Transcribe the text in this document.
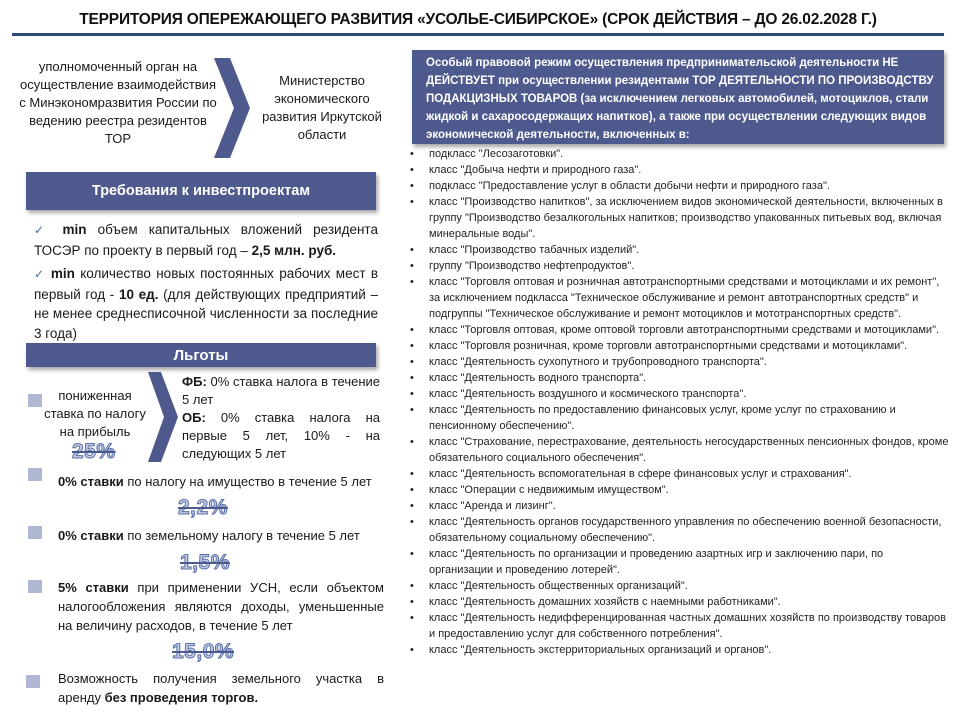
ТЕРРИТОРИЯ ОПЕРЕЖАЮЩЕГО РАЗВИТИЯ «УСОЛЬЕ-СИБИРСКОЕ» (СРОК ДЕЙСТВИЯ – ДО 26.02.2028 Г.)
уполномоченный орган на осуществление взаимодействия с Минэкономразвития России по ведению реестра резидентов ТОР
Министерство экономического развития Иркутской области
Требования к инвестпроектам
✓ min объем капитальных вложений резидента ТОСЭР по проекту в первый год – 2,5 млн. руб.
✓ min количество новых постоянных рабочих мест в первый год - 10 ед. (для действующих предприятий – не менее среднесписочной численности за последние 3 года)
Льготы
пониженная ставка по налогу на прибыль
25%

ФБ: 0% ставка налога в течение 5 лет

ОБ: 0% ставка налога на первые 5 лет, 10% - на следующих 5 лет

0% ставки по налогу на имущество в течение 5 лет
2,2%
0% ставки по земельному налогу в течение 5 лет
1,5%
5% ставки при применении УСН, если объектом налогообложения являются доходы, уменьшенные на величину расходов, в течение 5 лет
15,0%
Возможность получения земельного участка в аренду без проведения торгов.
Особый правовой режим осуществления предпринимательской деятельности НЕ ДЕЙСТВУЕТ при осуществлении резидентами ТОР ДЕЯТЕЛЬНОСТИ ПО ПРОИЗВОДСТВУ ПОДАКЦИЗНЫХ ТОВАРОВ (за исключением легковых автомобилей, мотоциклов, стали жидкой и сахаросодержащих напитков), а также при осуществлении следующих видов экономической деятельности, включенных в:
• подкласс "Лесозаготовки".
• класс "Добыча нефти и природного газа".
• подкласс "Предоставление услуг в области добычи нефти и природного газа".
• класс "Производство напитков", за исключением видов экономической деятельности, включенных в группу "Производство безалкогольных напитков; производство упакованных питьевых вод, включая минеральные воды".
• класс "Производство табачных изделий".
• группу "Производство нефтепродуктов".
• класс "Торговля оптовая и розничная автотранспортными средствами и мотоциклами и их ремонт", за исключением подкласса "Техническое обслуживание и ремонт автотранспортных средств" и подгруппы "Техническое обслуживание и ремонт мотоциклов и мототранспортных средств".
• класс "Торговля оптовая, кроме оптовой торговли автотранспортными средствами и мотоциклами".
• класс "Торговля розничная, кроме торговли автотранспортными средствами и мотоциклами".
• класс "Деятельность сухопутного и трубопроводного транспорта".
• класс "Деятельность водного транспорта".
• класс "Деятельность воздушного и космического транспорта".
• класс "Деятельность по предоставлению финансовых услуг, кроме услуг по страхованию и пенсионному обеспечению".
• класс "Страхование, перестрахование, деятельность негосударственных пенсионных фондов, кроме обязательного социального обеспечения".
• класс "Деятельность вспомогательная в сфере финансовых услуг и страхования".
• класс "Операции с недвижимым имуществом".
• класс "Аренда и лизинг".
• класс "Деятельность органов государственного управления по обеспечению военной безопасности, обязательному социальному обеспечению".
• класс "Деятельность по организации и проведению азартных игр и заключению пари, по организации и проведению лотерей".
• класс "Деятельность общественных организаций".
• класс "Деятельность домашних хозяйств с наемными работниками".
• класс "Деятельность недифференцированная частных домашних хозяйств по производству товаров и предоставлению услуг для собственного потребления".
• класс "Деятельность экстерриториальных организаций и органов".
